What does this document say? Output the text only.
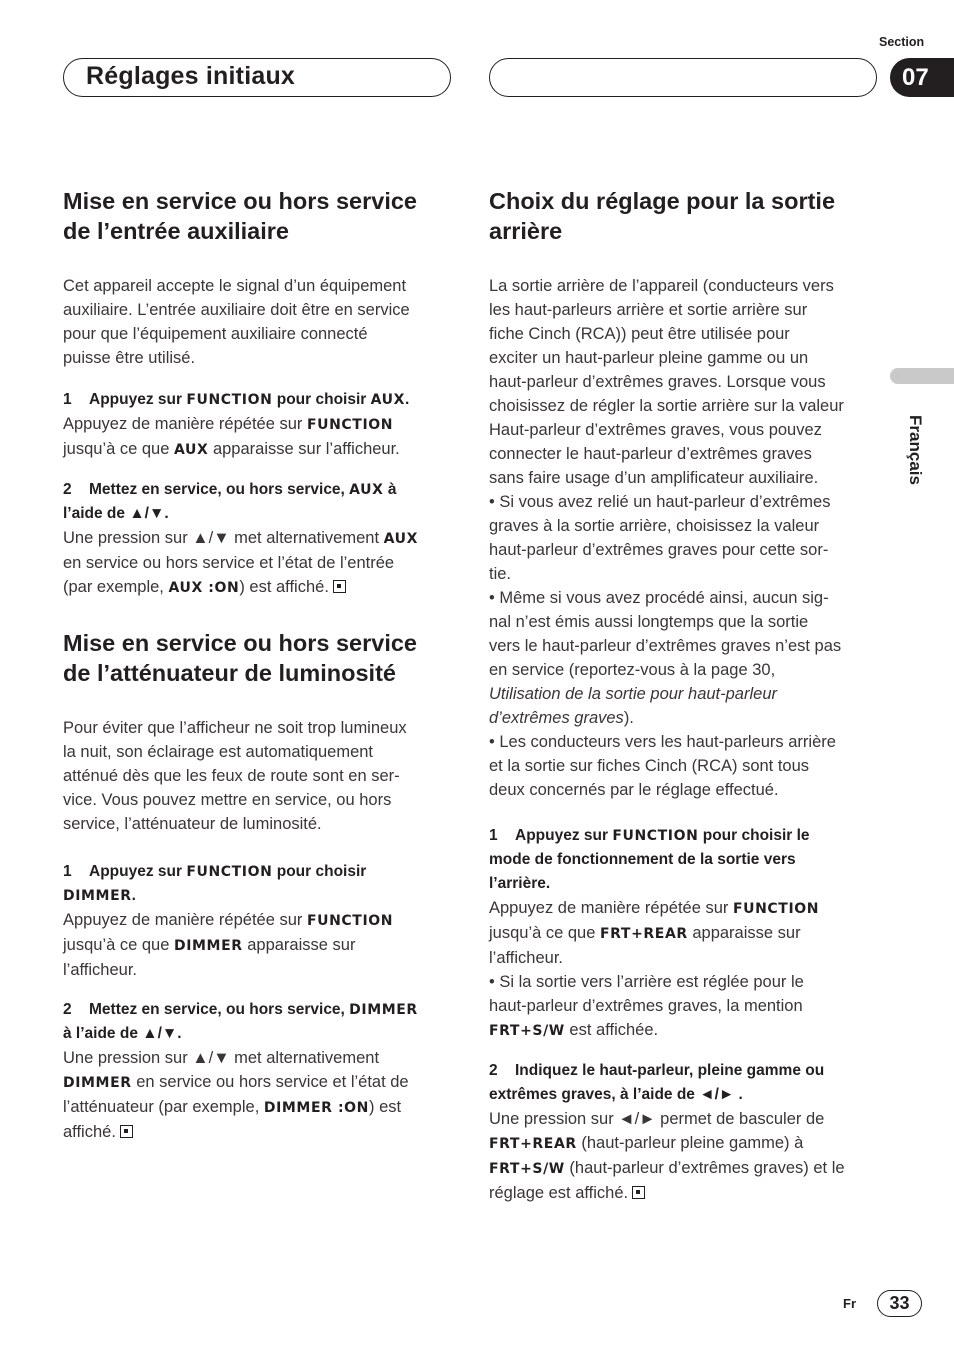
Réglages initiaux
Section
07
Français
Mise en service ou hors service
de l’entrée auxiliaire

Cet appareil accepte le signal d’un équipement

auxiliaire. L’entrée auxiliaire doit être en service

pour que l’équipement auxiliaire connecté

puisse être utilisé.

1 Appuyez sur FUNCTION pour choisir AUX.

Appuyez de manière répétée sur FUNCTION

jusqu’à ce que AUX apparaisse sur l’afficheur.

2 Mettez en service, ou hors service, AUX à

l’aide de ▲/▼.

Une pression sur ▲/▼ met alternativement AUX

en service ou hors service et l’état de l’entrée

(par exemple, AUX :ON) est affiché.

Mise en service ou hors service
de l’atténuateur de luminosité

Pour éviter que l’afficheur ne soit trop lumineux

la nuit, son éclairage est automatiquement

atténué dès que les feux de route sont en ser-

vice. Vous pouvez mettre en service, ou hors

service, l’atténuateur de luminosité.

1 Appuyez sur FUNCTION pour choisir

DIMMER.

Appuyez de manière répétée sur FUNCTION

jusqu’à ce que DIMMER apparaisse sur

l’afficheur.

2 Mettez en service, ou hors service, DIMMER

à l’aide de ▲/▼.

Une pression sur ▲/▼ met alternativement

DIMMER en service ou hors service et l’état de

l’atténuateur (par exemple, DIMMER :ON) est

affiché.

Choix du réglage pour la sortie
arrière

La sortie arrière de l’appareil (conducteurs vers

les haut-parleurs arrière et sortie arrière sur

fiche Cinch (RCA)) peut être utilisée pour

exciter un haut-parleur pleine gamme ou un

haut-parleur d’extrêmes graves. Lorsque vous

choisissez de régler la sortie arrière sur la valeur

Haut-parleur d’extrêmes graves, vous pouvez

connecter le haut-parleur d’extrêmes graves

sans faire usage d’un amplificateur auxiliaire.

• Si vous avez relié un haut-parleur d’extrêmes

graves à la sortie arrière, choisissez la valeur

haut-parleur d’extrêmes graves pour cette sor-

tie.

• Même si vous avez procédé ainsi, aucun sig-

nal n’est émis aussi longtemps que la sortie

vers le haut-parleur d’extrêmes graves n’est pas

en service (reportez-vous à la page 30,

Utilisation de la sortie pour haut-parleur

d’extrêmes graves).

• Les conducteurs vers les haut-parleurs arrière

et la sortie sur fiches Cinch (RCA) sont tous

deux concernés par le réglage effectué.

1 Appuyez sur FUNCTION pour choisir le

mode de fonctionnement de la sortie vers

l’arrière.

Appuyez de manière répétée sur FUNCTION

jusqu’à ce que FRT+REAR apparaisse sur

l’afficheur.

• Si la sortie vers l’arrière est réglée pour le

haut-parleur d’extrêmes graves, la mention

FRT+S/W est affichée.

2 Indiquez le haut-parleur, pleine gamme ou

extrêmes graves, à l’aide de ◄/► .

Une pression sur ◄/► permet de basculer de

FRT+REAR (haut-parleur pleine gamme) à

FRT+S/W (haut-parleur d’extrêmes graves) et le

réglage est affiché.

Fr	33
